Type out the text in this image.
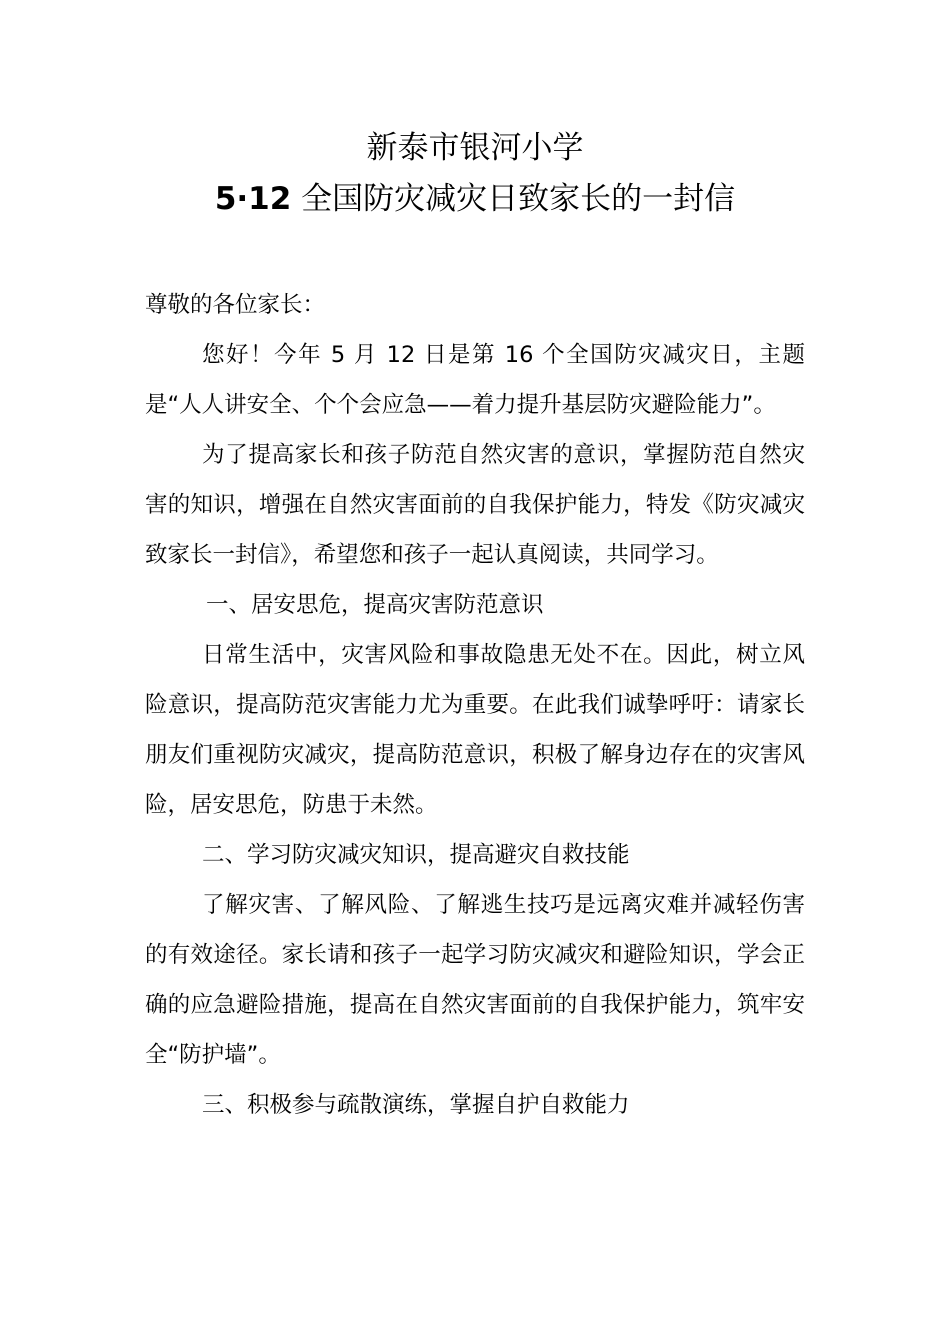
新泰市银河小学
5·12 全国防灾减灾日致家长的一封信

尊敬的各位家长：

您好！今年 5 月 12 日是第 16 个全国防灾减灾日，主题是“人人讲安全、个个会应急——着力提升基层防灾避险能力”。

为了提高家长和孩子防范自然灾害的意识，掌握防范自然灾害的知识，增强在自然灾害面前的自我保护能力，特发《防灾减灾致家长一封信》，希望您和孩子一起认真阅读，共同学习。

一、居安思危，提高灾害防范意识

日常生活中，灾害风险和事故隐患无处不在。因此，树立风险意识，提高防范灾害能力尤为重要。在此我们诚挚呼吁：请家长朋友们重视防灾减灾，提高防范意识，积极了解身边存在的灾害风险，居安思危，防患于未然。

二、学习防灾减灾知识，提高避灾自救技能

了解灾害、了解风险、了解逃生技巧是远离灾难并减轻伤害的有效途径。家长请和孩子一起学习防灾减灾和避险知识，学会正确的应急避险措施，提高在自然灾害面前的自我保护能力，筑牢安全“防护墙”。

三、积极参与疏散演练，掌握自护自救能力
